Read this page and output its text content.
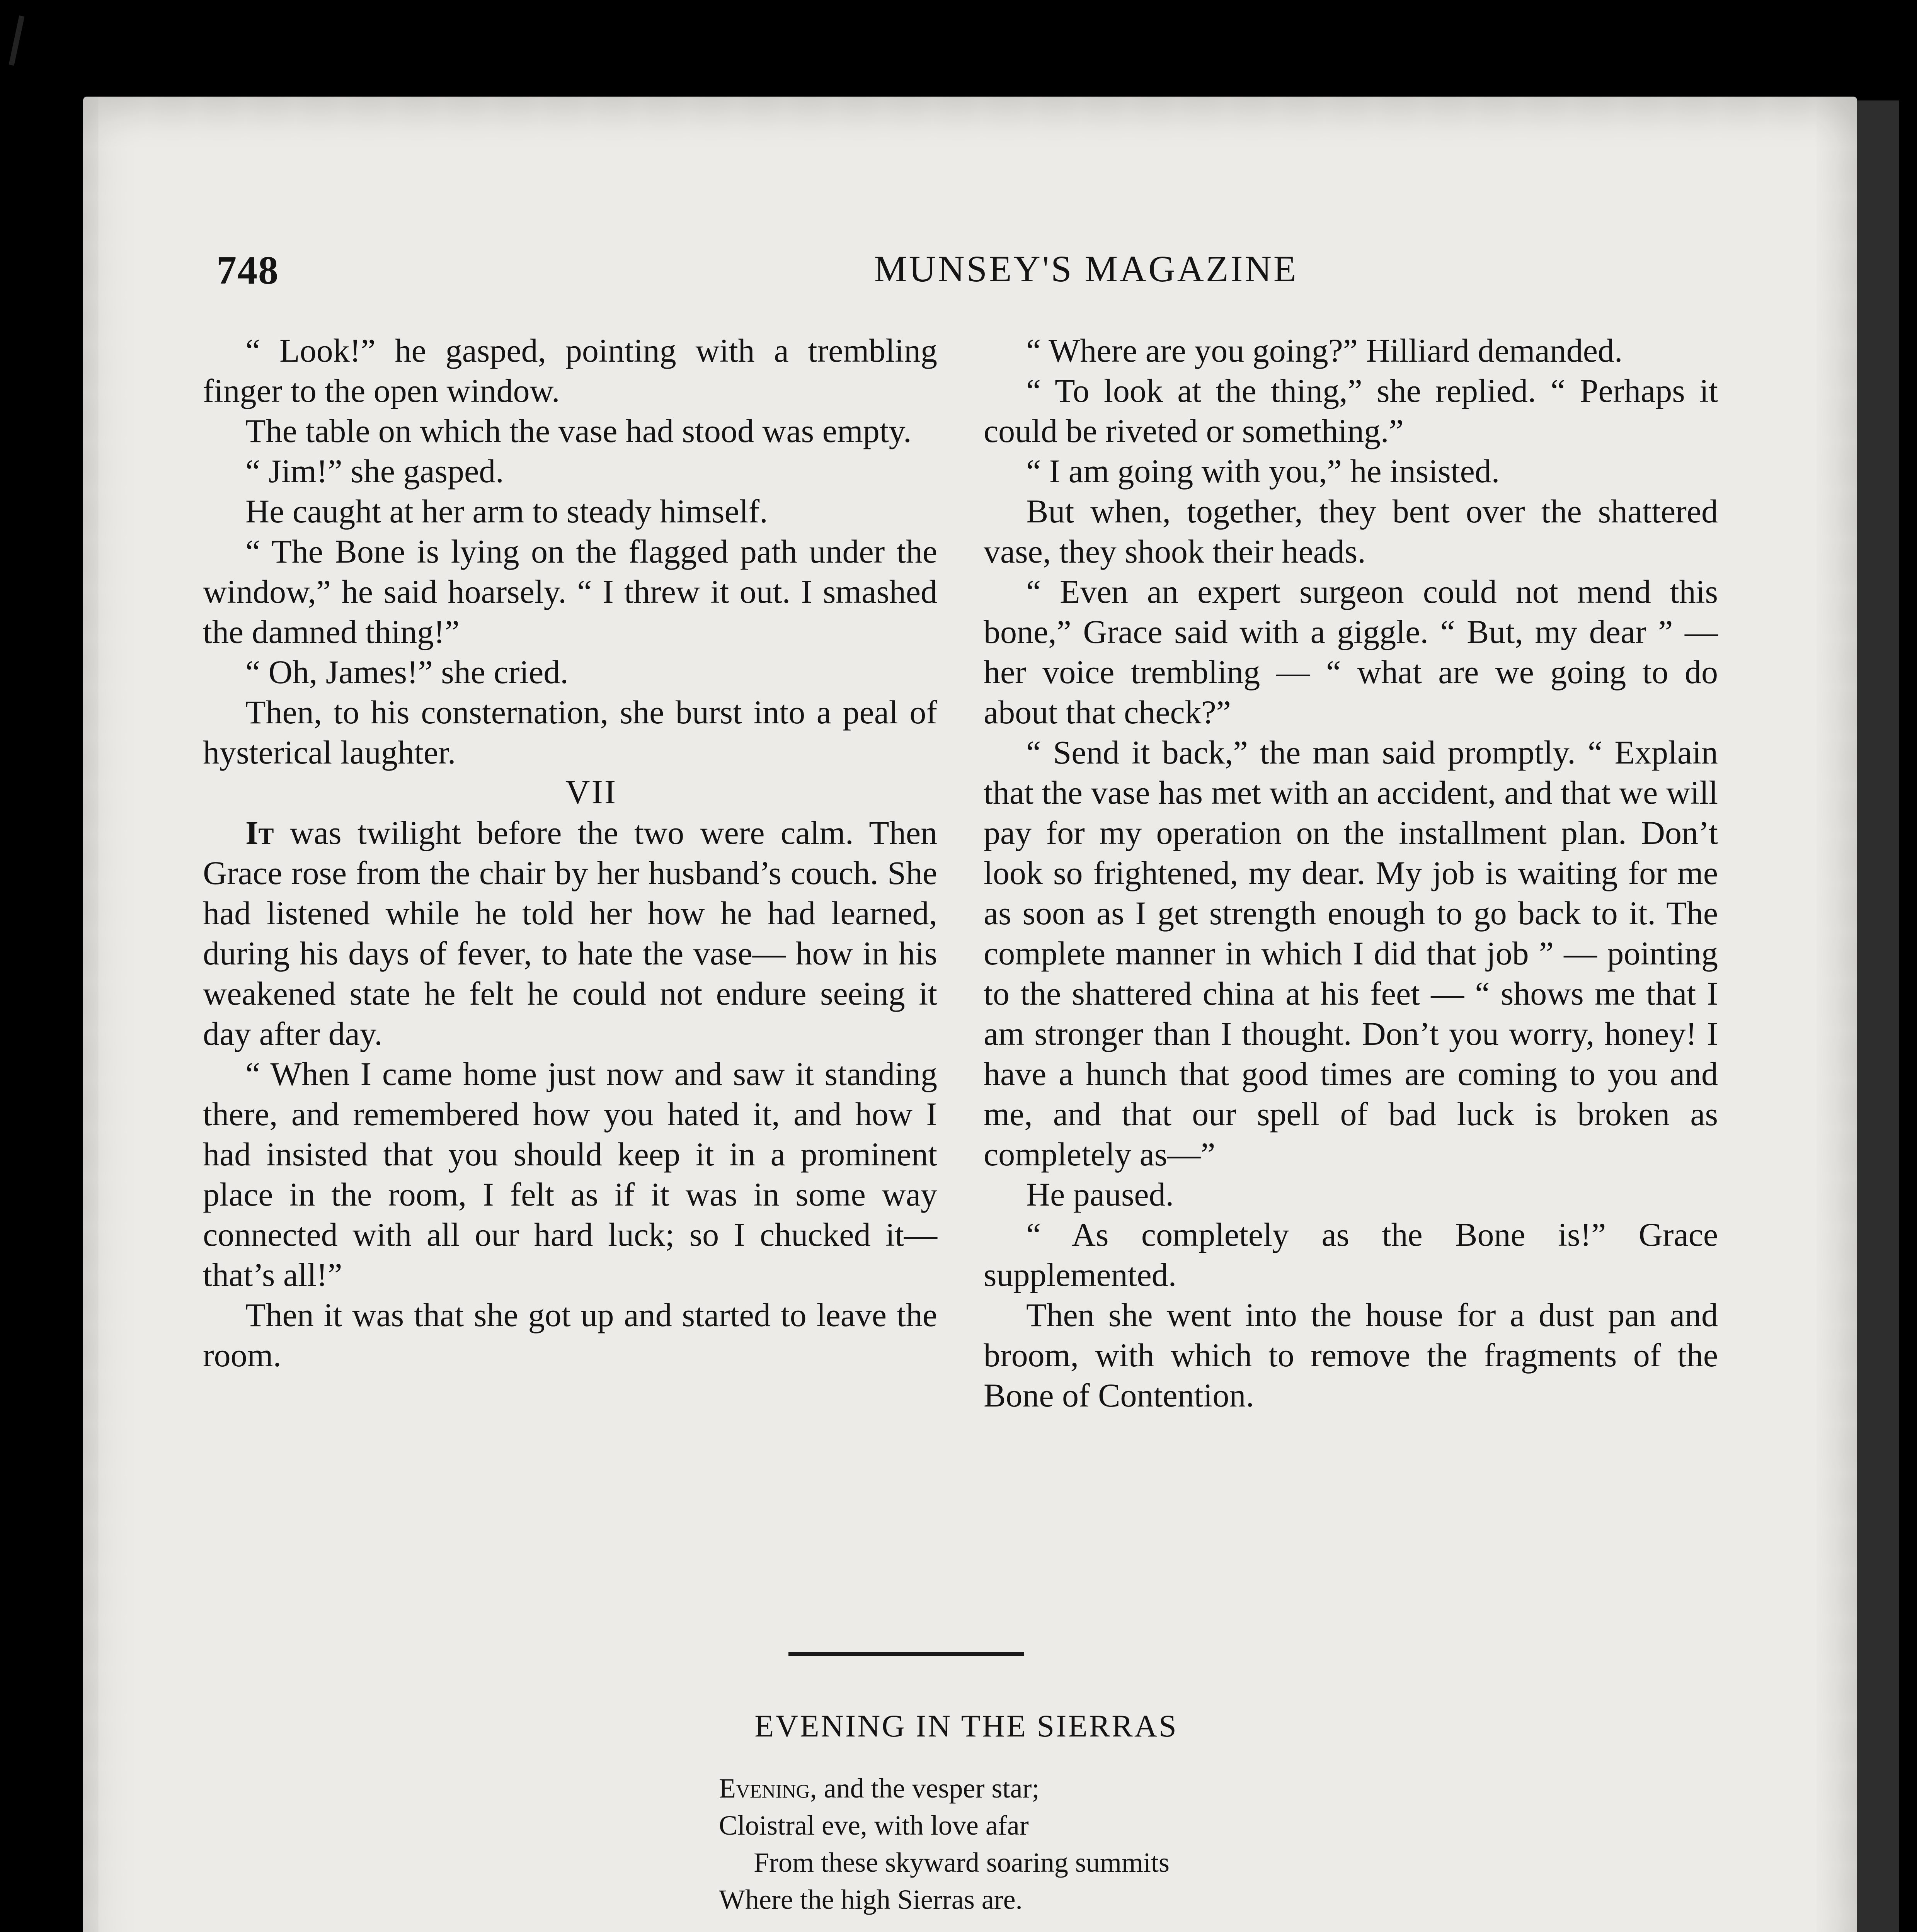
748	MUNSEY'S MAGAZINE

“ Look!” he gasped, pointing with a trembling finger to the open window.

The table on which the vase had stood was empty.

“ Jim!” she gasped.

He caught at her arm to steady himself.

“ The Bone is lying on the flagged path under the window,” he said hoarsely. “ I threw it out. I smashed the damned thing!”

“ Oh, James!” she cried.

Then, to his consternation, she burst into a peal of hysterical laughter.

VII

It was twilight before the two were calm. Then Grace rose from the chair by her husband’s couch. She had listened while he told her how he had learned, during his days of fever, to hate the vase— how in his weakened state he felt he could not endure seeing it day after day.

“ When I came home just now and saw it standing there, and remembered how you hated it, and how I had insisted that you should keep it in a prominent place in the room, I felt as if it was in some way connected with all our hard luck; so I chucked it—that’s all!”

Then it was that she got up and started to leave the room.

“ Where are you going?” Hilliard demanded.

“ To look at the thing,” she replied. “ Perhaps it could be riveted or something.”

“ I am going with you,” he insisted.

But when, together, they bent over the shattered vase, they shook their heads.

“ Even an expert surgeon could not mend this bone,” Grace said with a giggle. “ But, my dear ” — her voice trembling — “ what are we going to do about that check?”

“ Send it back,” the man said promptly. “ Explain that the vase has met with an accident, and that we will pay for my operation on the installment plan. Don’t look so frightened, my dear. My job is waiting for me as soon as I get strength enough to go back to it. The complete manner in which I did that job ” — pointing to the shattered china at his feet — “ shows me that I am stronger than I thought. Don’t you worry, honey! I have a hunch that good times are coming to you and me, and that our spell of bad luck is broken as completely as—”

He paused.

“ As completely as the Bone is!” Grace supplemented.

Then she went into the house for a dust pan and broom, with which to remove the fragments of the Bone of Contention.

EVENING IN THE SIERRAS
Evening, and the vesper star;
Cloistral eve, with love afar
From these skyward soaring summits
Where the high Sierras are.
